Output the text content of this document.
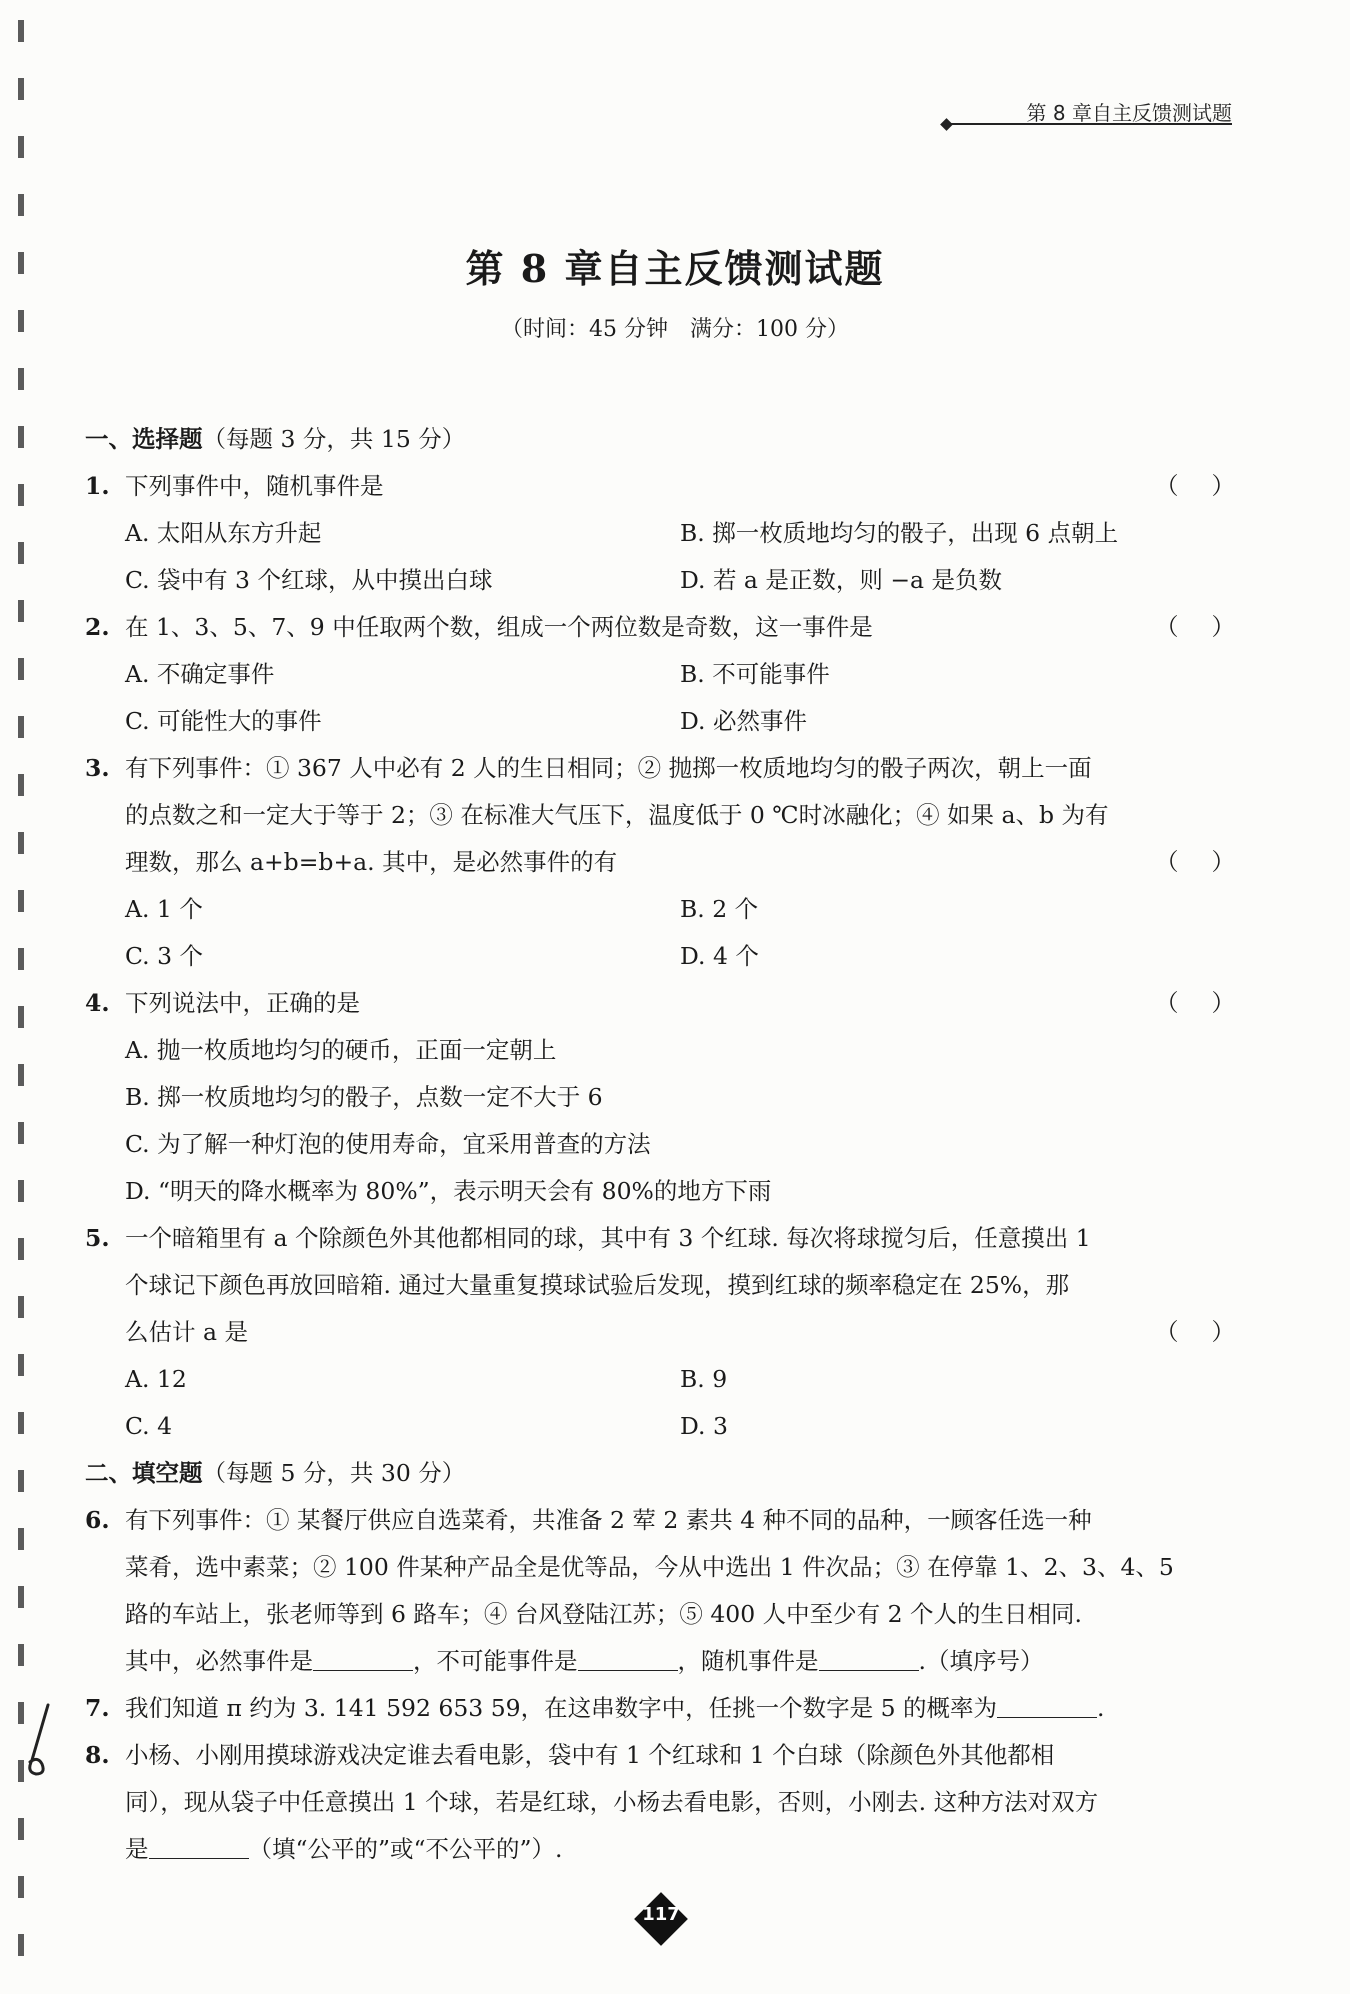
第 8 章自主反馈测试题
第 8 章自主反馈测试题
（时间：45 分钟　满分：100 分）
一、选择题（每题 3 分，共 15 分）
1. 下列事件中，随机事件是	（ ）
A. 太阳从东方升起	B. 掷一枚质地均匀的骰子，出现 6 点朝上
C. 袋中有 3 个红球，从中摸出白球	D. 若 a 是正数，则 −a 是负数
2. 在 1、3、5、7、9 中任取两个数，组成一个两位数是奇数，这一事件是	（ ）
A. 不确定事件	B. 不可能事件
C. 可能性大的事件	D. 必然事件
3. 有下列事件：① 367 人中必有 2 人的生日相同；② 抛掷一枚质地均匀的骰子两次，朝上一面
的点数之和一定大于等于 2；③ 在标准大气压下，温度低于 0 ℃时冰融化；④ 如果 a、b 为有
理数，那么 a+b=b+a. 其中，是必然事件的有	（ ）
A. 1 个	B. 2 个
C. 3 个	D. 4 个
4. 下列说法中，正确的是	（ ）
A. 抛一枚质地均匀的硬币，正面一定朝上
B. 掷一枚质地均匀的骰子，点数一定不大于 6
C. 为了解一种灯泡的使用寿命，宜采用普查的方法
D. “明天的降水概率为 80%”，表示明天会有 80%的地方下雨
5. 一个暗箱里有 a 个除颜色外其他都相同的球，其中有 3 个红球. 每次将球搅匀后，任意摸出 1
个球记下颜色再放回暗箱. 通过大量重复摸球试验后发现，摸到红球的频率稳定在 25%，那
么估计 a 是	（ ）
A. 12	B. 9
C. 4	D. 3
二、填空题（每题 5 分，共 30 分）
6. 有下列事件：① 某餐厅供应自选菜肴，共准备 2 荤 2 素共 4 种不同的品种，一顾客任选一种
菜肴，选中素菜；② 100 件某种产品全是优等品，今从中选出 1 件次品；③ 在停靠 1、2、3、4、5
路的车站上，张老师等到 6 路车；④ 台风登陆江苏；⑤ 400 人中至少有 2 个人的生日相同.
其中，必然事件是	，不可能事件是	，随机事件是	.（填序号）
7. 我们知道 π 约为 3. 141 592 653 59，在这串数字中，任挑一个数字是 5 的概率为	.
8. 小杨、小刚用摸球游戏决定谁去看电影，袋中有 1 个红球和 1 个白球（除颜色外其他都相
同），现从袋子中任意摸出 1 个球，若是红球，小杨去看电影，否则，小刚去. 这种方法对双方
是	（填“公平的”或“不公平的”）.
117
